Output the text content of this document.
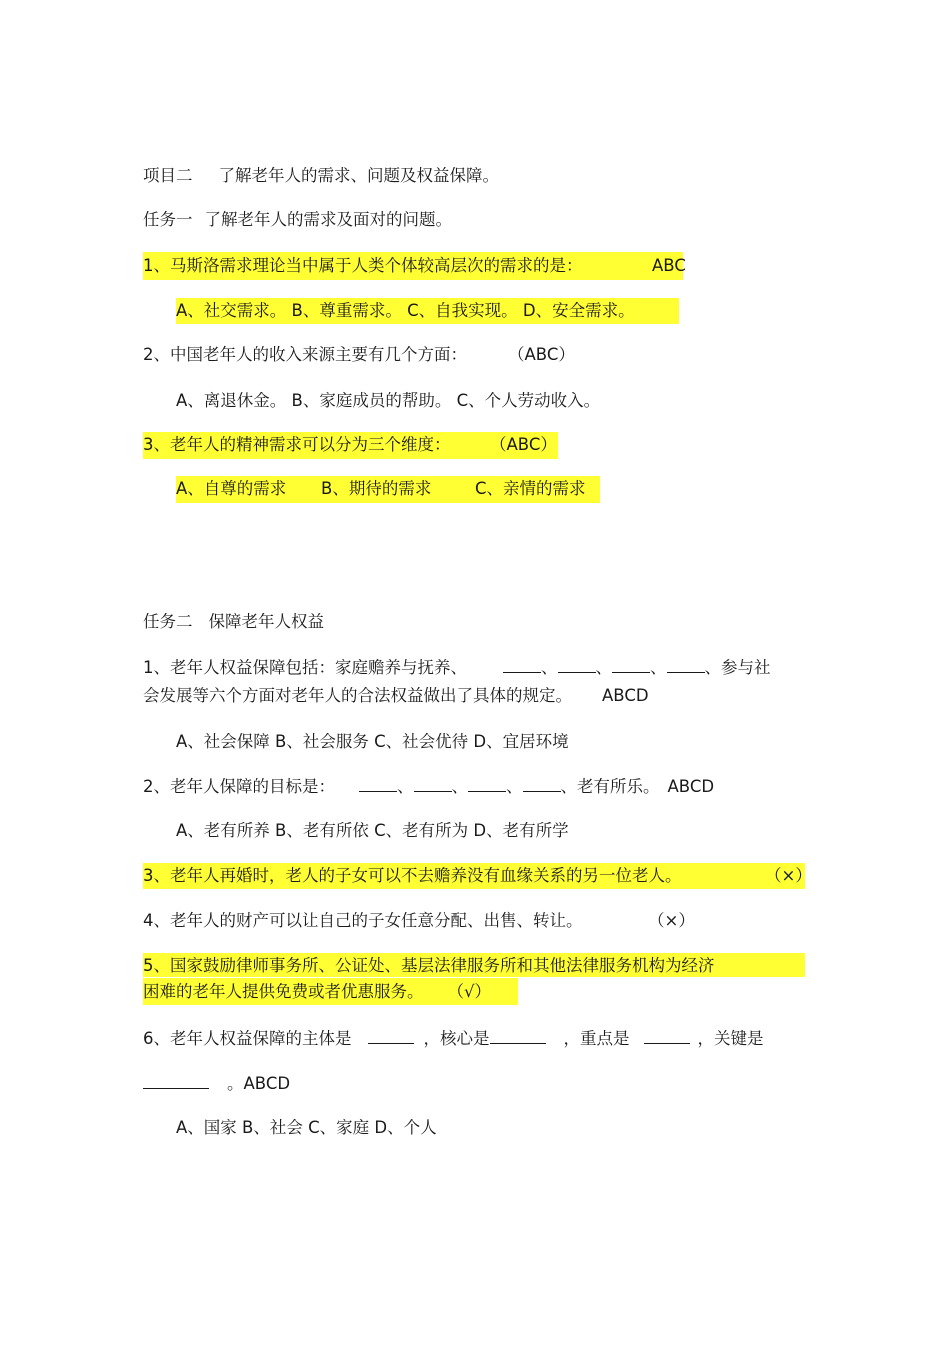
项目二 了解老年人的需求、问题及权益保障。
任务一 了解老年人的需求及面对的问题。
1、马斯洛需求理论当中属于人类个体较高层次的需求的是：	ABC
A、社交需求。 B、尊重需求。 C、自我实现。 D、安全需求。
2、中国老年人的收入来源主要有几个方面： （ABC）
A、离退休金。 B、家庭成员的帮助。 C、个人劳动收入。
3、老年人的精神需求可以分为三个维度： （ABC）
A、自尊的需求 B、期待的需求	C、亲情的需求
任务二 保障老年人权益
1、老年人权益保障包括：家庭赡养与抚养、	、 、 、 、参与社
会发展等六个方面对老年人的合法权益做出了具体的规定。 ABCD
A、社会保障 B、社会服务 C、社会优待 D、宜居环境
2、老年人保障的目标是：	、 、 、 、老有所乐。 ABCD
A、老有所养 B、老有所依 C、老有所为 D、老有所学
3、老年人再婚时，老人的子女可以不去赡养没有血缘关系的另一位老人。	（×）
4、老年人的财产可以让自己的子女任意分配、出售、转让。	（×）
5、国家鼓励律师事务所、公证处、基层法律服务所和其他法律服务机构为经济
困难的老年人提供免费或者优惠服务。 （√）
6、老年人权益保障的主体是	，核心是	，重点是	，关键是
。ABCD
A、国家 B、社会 C、家庭 D、个人
